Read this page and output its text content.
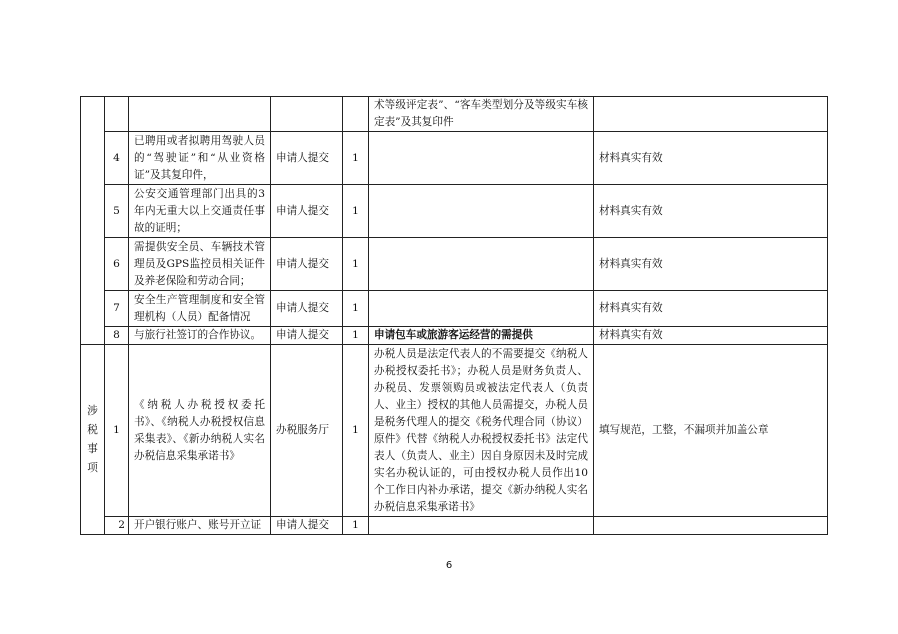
					术等级评定表”、“客车类型划分及等级实车核定表”及其复印件	
	4	已聘用或者拟聘用驾驶人员的“驾驶证”和“从业资格证”及其复印件，	申请人提交	1		材料真实有效
	5	公安交通管理部门出具的3年内无重大以上交通责任事故的证明；	申请人提交	1		材料真实有效
	6	需提供安全员、车辆技术管理员及GPS监控员相关证件及养老保险和劳动合同；	申请人提交	1		材料真实有效
	7	安全生产管理制度和安全管理机构（人员）配备情况	申请人提交	1		材料真实有效
	8	与旅行社签订的合作协议。	申请人提交	1	申请包车或旅游客运经营的需提供	材料真实有效
涉税事项	1	《纳税人办税授权委托书》、《纳税人办税授权信息采集表》、《新办纳税人实名办税信息采集承诺书》	办税服务厅	1	办税人员是法定代表人的不需要提交《纳税人办税授权委托书》；办税人员是财务负责人、办税员、发票领购员或被法定代表人（负责人、业主）授权的其他人员需提交，办税人员是税务代理人的提交《税务代理合同（协议）原件》代替《纳税人办税授权委托书》法定代表人（负责人、业主）因自身原因未及时完成实名办税认证的，可由授权办税人员作出10个工作日内补办承诺，提交《新办纳税人实名办税信息采集承诺书》	填写规范，工整，不漏项并加盖公章
	2	开户银行账户、账号开立证	申请人提交	1		
6
